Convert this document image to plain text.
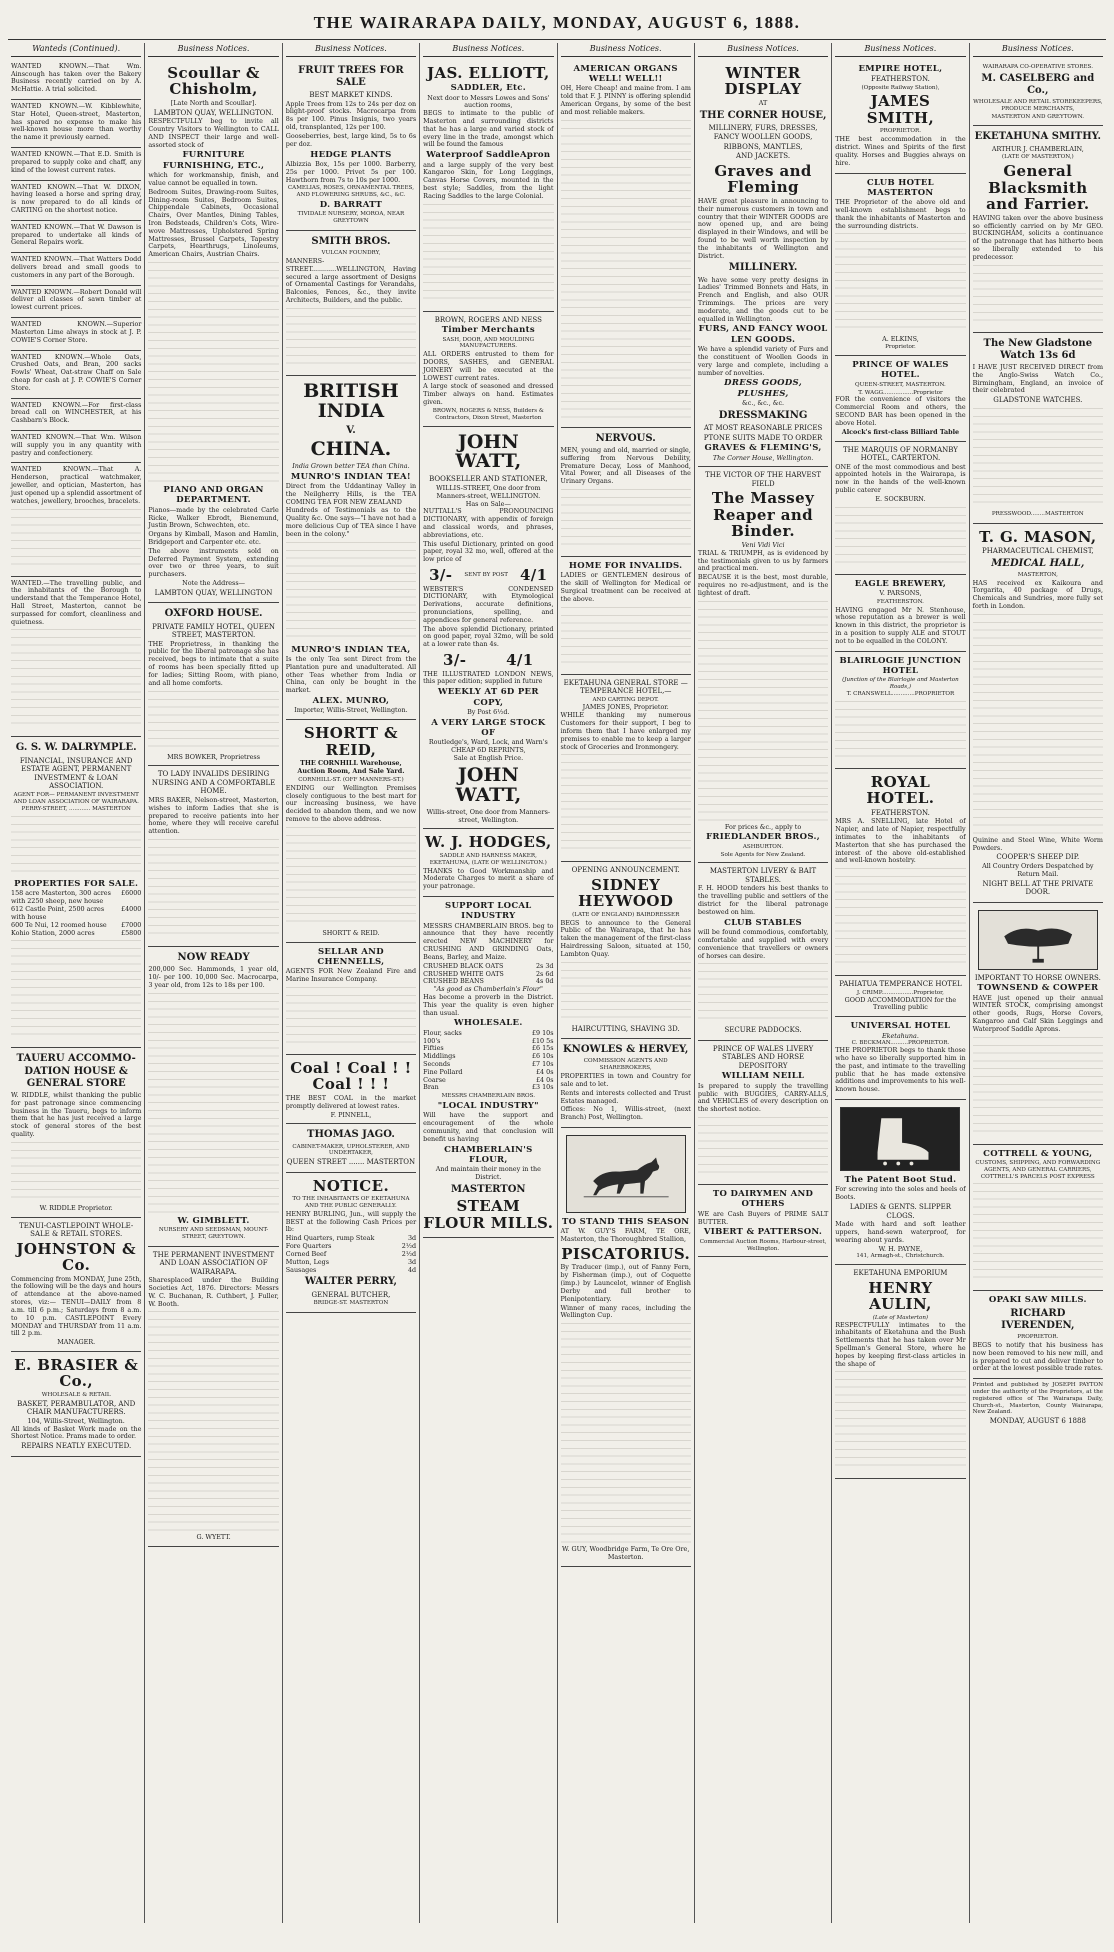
THE WAIRARAPA DAILY, MONDAY, AUGUST 6, 1888.
Wanteds (Continued).

WANTED KNOWN.—That Wm. Ainscough has taken over the Bakery Business recently carried on by A. McHattie. A trial solicited.

WANTED KNOWN.—W. Kibblewhite, Star Hotel, Queen-street, Masterton, has spared no expense to make his well-known house more than worthy the name it previously earned.

WANTED KNOWN.—That E.D. Smith is prepared to supply coke and chaff, any kind of the lowest current rates.

WANTED KNOWN.—That W. DIXON, having leased a horse and spring dray, is now prepared to do all kinds of CARTING on the shortest notice.

WANTED KNOWN.—That W. Dawson is prepared to undertake all kinds of General Repairs work.

WANTED KNOWN.—That Watters Dodd delivers bread and small goods to customers in any part of the Borough.

WANTED KNOWN.—Robert Donald will deliver all classes of sawn timber at lowest current prices.

WANTED KNOWN.—Superior Masterton Lime always in stock at J. P. COWIE'S Corner Store.

WANTED KNOWN.—Whole Oats, Crushed Oats, and Bran, 200 sacks Fowls' Wheat, Oat-straw Chaff on Sale cheap for cash at J. P. COWIE'S Corner Store.

WANTED KNOWN.—For first-class bread call on WINCHESTER, at his Cashbarn's Block.

WANTED KNOWN.—That Wm. Wilson will supply you in any quantity with pastry and confectionery.

WANTED KNOWN.—That A. Henderson, practical watchmaker, jeweller, and optician, Masterton, has just opened up a splendid assortment of watches, jewellery, brooches, bracelets.

WANTED.—The travelling public, and the inhabitants of the Borough to understand that the Temperance Hotel, Hall Street, Masterton, cannot be surpassed for comfort, cleanliness and quietness.

G. S. W. DALRYMPLE.
FINANCIAL, INSURANCE AND ESTATE AGENT, PERMANENT INVESTMENT & LOAN ASSOCIATION.
AGENT FOR— PERMANENT INVESTMENT AND LOAN ASSOCIATION OF WAIRARAPA.
PERRY-STREET, ............ MASTERTON
PROPERTIES FOR SALE.
158 acre Masterton, 300 acres with 2250 sheep, new house
£6000
612 Castle Point, 2500 acres with house
£4000
600 Te Nui, 12 roomed house	£7000
Kohio Station, 2000 acres	£5800
TAUERU ACCOMMO-DATION HOUSE & GENERAL STORE

W. RIDDLE, whilst thanking the public for past patronage since commencing business in the Taueru, begs to inform them that he has just received a large stock of general stores of the best quality.

W. RIDDLE Proprietor.
TENUI-CASTLEPOINT WHOLE-SALE & RETAIL STORES.
JOHNSTON & Co.

Commencing from MONDAY, June 25th, the following will be the days and hours of attendance at the above-named stores, viz:— TENUI—DAILY from 8 a.m. till 6 p.m.; Saturdays from 8 a.m. to 10 p.m. CASTLEPOINT Every MONDAY and THURSDAY from 11 a.m. till 2 p.m.

MANAGER.
E. BRASIER & Co.,
WHOLESALE & RETAIL
BASKET, PERAMBULATOR, AND CHAIR MANUFACTURERS.
104, Willis-Street, Wellington.

All kinds of Basket Work made on the Shortest Notice. Prams made to order.

REPAIRS NEATLY EXECUTED.
Business Notices.
Scoullar & Chisholm,
[Late North and Scoullar].
LAMBTON QUAY, WELLINGTON.

RESPECTFULLY beg to invite all Country Visitors to Wellington to CALL AND INSPECT their large and well-assorted stock of

FURNITURE FURNISHING, ETC.,

which for workmanship, finish, and value cannot be equalled in town.

Bedroom Suites, Drawing-room Suites, Dining-room Suites, Bedroom Suites, Chippendale Cabinets, Occasional Chairs, Over Mantles, Dining Tables, Iron Bedsteads, Children's Cots, Wire-wove Mattresses, Upholstered Spring Mattresses, Brussel Carpets, Tapestry Carpets, Hearthrugs, Linoleums, American Chairs, Austrian Chairs.

PIANO AND ORGAN DEPARTMENT.

Pianos—made by the celebrated Carle Ricke, Walker Ebrodt, Bienemund, Justin Brown, Schwechten, etc.

Organs by Kimball, Mason and Hamlin, Bridgeport and Carpenter etc. etc.

The above instruments sold on Deferred Payment System, extending over two or three years, to suit purchasers.

Note the Address—
LAMBTON QUAY, WELLINGTON
OXFORD HOUSE.
PRIVATE FAMILY HOTEL, QUEEN STREET, MASTERTON.

THE Proprietress, in thanking the public for the liberal patronage she has received, begs to intimate that a suite of rooms has been specially fitted up for ladies; Sitting Room, with piano, and all home comforts.

MRS BOWKER, Proprietress
TO LADY INVALIDS DESIRING NURSING AND A COMFORTABLE HOME.

MRS BAKER, Nelson-street, Masterton, wishes to inform Ladies that she is prepared to receive patients into her home, where they will receive careful attention.

NOW READY

200,000 Sec. Hammonds, 1 year old, 10/- per 100. 10,000 Sec. Macrocarpa, 3 year old, from 12s to 18s per 100.

W. GIMBLETT.
NURSERY AND SEEDSMAN, MOUNT-STREET, GREYTOWN.
THE PERMANENT INVESTMENT AND LOAN ASSOCIATION OF WAIRARAPA.

Sharesplaced under the Building Societies Act, 1876. Directors: Messrs W. C. Buchanan, R. Cuthbert, J. Fuller, W. Booth.

G. WYETT.
Business Notices.
FRUIT TREES FOR SALE
BEST MARKET KINDS.

Apple Trees from 12s to 24s per doz on blight-proof stocks. Macrocarpa from 8s per 100. Pinus Insignis, two years old, transplanted, 12s per 100.

Gooseberries, best, large kind, 5s to 6s per doz.

HEDGE PLANTS

Albizzia Box, 15s per 1000. Barberry, 25s per 1000. Privet 5s per 100. Hawthorn from 7s to 10s per 1000.

CAMELIAS, ROSES, ORNAMENTAL TREES, AND FLOWERING SHRUBS, &C., &C.
D. BARRATT
TIVIDALE NURSERY, MOROA, NEAR GREYTOWN
SMITH BROS.
VULCAN FOUNDRY,

MANNERS-STREET............WELLINGTON, Having secured a large assortment of Designs of Ornamental Castings for Verandahs, Balconies, Fences, &c., they invite Architects, Builders, and the public.

BRITISH INDIA
V.
CHINA.
India Grown better TEA than China.
MUNRO'S INDIAN TEA!

Direct from the Uddantinay Valley in the Neilgherry Hills, is the TEA COMING TEA FOR NEW ZEALAND

Hundreds of Testimonials as to the Quality &c. One says—"I have not had a more delicious Cup of TEA since I have been in the colony."

MUNRO'S INDIAN TEA,

Is the only Tea sent Direct from the Plantation pure and unadulterated. All other Teas whether from India or China, can only be bought in the market.

ALEX. MUNRO,
Importer, Willis-Street, Wellington.
SHORTT & REID,
THE CORNHILL Warehouse, Auction Room, And Sale Yard.
CORNHILL-ST. (OFF MANNERS-ST.)

ENDING our Wellington Premises closely contiguous to the best mart for our increasing business, we have decided to abandon them, and we now remove to the above address.

SHORTT & REID.
SELLAR AND CHENNELLS,

AGENTS FOR New Zealand Fire and Marine Insurance Company.

Coal ! Coal ! ! Coal ! ! !

THE BEST COAL in the market promptly delivered at lowest rates.

F. PINNELL,
THOMAS JAGO.
CABINET-MAKER, UPHOLSTERER, AND UNDERTAKER,
QUEEN STREET ....... MASTERTON
NOTICE.
TO THE INHABITANTS OF EKETAHUNA AND THE PUBLIC GENERALLY.

HENRY BURLING, Jun., will supply the BEST at the following Cash Prices per lb:

Hind Quarters, rump Steak	3d
Fore Quarters	2½d
Corned Beef	2½d
Mutton, Legs	3d
Sausages	4d
WALTER PERRY,
GENERAL BUTCHER,
BRIDGE-ST. MASTERTON
Business Notices.
JAS. ELLIOTT,
SADDLER, Etc.
Next door to Messrs Lowes and Sons' auction rooms,

BEGS to intimate to the public of Masterton and surrounding districts that he has a large and varied stock of every line in the trade, amongst which will be found the famous

Waterproof SaddleApron

and a large supply of the very best Kangaroo Skin, for Long Leggings, Canvas Horse Covers, mounted in the best style; Saddles, from the light Racing Saddles to the large Colonial.

BROWN, ROGERS AND NESS
Timber Merchants
SASH, DOOR, AND MOULDING MANUFACTURERS.

ALL ORDERS entrusted to them for DOORS, SASHES, and GENERAL JOINERY will be executed at the LOWEST current rates.

A large stock of seasoned and dressed Timber always on hand. Estimates given.

BROWN, ROGERS & NESS, Builders & Contractors, Dixon Street, Masterton
JOHN WATT,
BOOKSELLER AND STATIONER,
WILLIS-STREET, One door from Manners-street, WELLINGTON.
Has on Sale—

NUTTALL'S PRONOUNCING DICTIONARY, with appendix of foreign and classical words, and phrases, abbreviations, etc.

This useful Dictionary, printed on good paper, royal 32 mo, well, offered at the low price of

3/- SENT BY POST 4/1

WEBSTER'S CONDENSED DICTIONARY, with Etymological Derivations, accurate definitions, pronunciations, spelling, and appendices for general reference.

The above splendid Dictionary, printed on good paper, royal 32mo, will be sold at a lower rate than 4s.

3/-	4/1

THE ILLUSTRATED LONDON NEWS, this paper edition; supplied in future

WEEKLY AT 6D PER COPY,
By Post 6½d.
A VERY LARGE STOCK OF
Routledge's, Ward, Lock, and Warn's CHEAP 6D REPRINTS,
Sale at English Price.
JOHN WATT,
Willis-street, One door from Manners-street, Wellington.
W. J. HODGES,
SADDLE AND HARNESS MAKER, EKETAHUNA, (LATE OF WELLINGTON.)

THANKS to Good Workmanship and Moderate Charges to merit a share of your patronage.

SUPPORT LOCAL INDUSTRY

MESSRS CHAMBERLAIN BROS. beg to announce that they have recently erected NEW MACHINERY for CRUSHING AND GRINDING Oats, Beans, Barley, and Maize.

CRUSHED BLACK OATS	2s 3d
CRUSHED WHITE OATS	2s 6d
CRUSHED BEANS	4s 0d
"As good as Chamberlain's Flour"

Has become a proverb in the District. This year the quality is even higher than usual.

WHOLESALE.
Flour, sacks	£9 10s
100's	£10 5s
Fifties	£6 15s
Middlings	£6 10s
Seconds	£7 10s
Fine Pollard	£4 0s
Coarse	£4 0s
Bran	£3 10s
MESSRS CHAMBERLAIN BROS.
"LOCAL INDUSTRY"

Will have the support and encouragement of the whole community, and that conclusion will benefit us having

CHAMBERLAIN'S FLOUR,
And maintain their money in the District.
MASTERTON
STEAM FLOUR MILLS.
Business Notices.
AMERICAN ORGANS WELL! WELL!!

OH, Here Cheap! and maine from. I am told that F. J. PINNY is offering splendid American Organs, by some of the best and most reliable makers.

NERVOUS.

MEN, young and old, married or single, suffering from Nervous Debility, Premature Decay, Loss of Manhood, Vital Power, and all Diseases of the Urinary Organs.

HOME FOR INVALIDS.

LADIES or GENTLEMEN desirous of the skill of Wellington for Medical or Surgical treatment can be received at the above.

EKETAHUNA GENERAL STORE —TEMPERANCE HOTEL,—
AND CARTING DEPOT.
JAMES JONES, Proprietor.

WHILE thanking my numerous Customers for their support, I beg to inform them that I have enlarged my premises to enable me to keep a larger stock of Groceries and Ironmongery.

OPENING ANNOUNCEMENT.
SIDNEY HEYWOOD
(LATE OF ENGLAND) BAIRDRESSER

BEGS to announce to the General Public of the Wairarapa, that he has taken the management of the first-class Hairdressing Saloon, situated at 150, Lambton Quay.

HAIRCUTTING, SHAVING 3D.
KNOWLES & HERVEY,
COMMISSION AGENTS AND SHAREBROKERS,

PROPERTIES in town and Country for sale and to let.

Rents and interests collected and Trust Estates managed.

Offices: No 1, Willis-street, (next Branch) Post, Wellington.

TO STAND THIS SEASON

AT W. GUY'S FARM, TE ORE, Masterton, the Thoroughbred Stallion,

PISCATORIUS.

By Traducer (imp.), out of Fanny Fern, by Fisherman (imp.), out of Coquette (imp.) by Launcelot, winner of English Derby and full brother to Plenipotentiary.

Winner of many races, including the Wellington Cup.

W. GUY, Woodbridge Farm, Te Ore Ore, Masterton.
Business Notices.
WINTER DISPLAY
AT
THE CORNER HOUSE,
MILLINERY, FURS, DRESSES,
FANCY WOOLLEN GOODS,
RIBBONS, MANTLES,
AND JACKETS.
Graves and Fleming

HAVE great pleasure in announcing to their numerous customers in town and country that their WINTER GOODS are now opened up, and are being displayed in their Windows, and will be found to be well worth inspection by the inhabitants of Wellington and District.

MILLINERY.

We have some very pretty designs in Ladies' Trimmed Bonnets and Hats, in French and English, and also OUR Trimmings. The prices are very moderate, and the goods cut to be equalled in Wellington.

FURS, AND FANCY WOOL LEN GOODS.

We have a splendid variety of Furs and the constituent of Woollen Goods in very large and complete, including a number of novelties.

DRESS GOODS, PLUSHES,
&c., &c., &c.
DRESSMAKING
AT MOST REASONABLE PRICES
PTONE SUITS MADE TO ORDER
GRAVES & FLEMING'S,
The Corner House, Wellington.
THE VICTOR OF THE HARVEST FIELD
The Massey Reaper and Binder.
Veni Vidi Vici

TRIAL & TRIUMPH, as is evidenced by the testimonials given to us by farmers and practical men.

BECAUSE it is the best, most durable, requires no re-adjustment, and is the lightest of draft.

For prices &c., apply to
FRIEDLANDER BROS.,
ASHBURTON.
Sole Agents for New Zealand.
MASTERTON LIVERY & BAIT STABLES.

F. H. HOOD tenders his best thanks to the travelling public and settlers of the district for the liberal patronage bestowed on him.

CLUB STABLES

will be found commodious, comfortably, comfortable and supplied with every convenience that travellers or owners of horses can desire.

SECURE PADDOCKS.
PRINCE OF WALES LIVERY STABLES AND HORSE DEPOSITORY
WILLIAM NEILL

Is prepared to supply the travelling public with BUGGIES, CARRY-ALLS, and VEHICLES of every description on the shortest notice.

TO DAIRYMEN AND OTHERS

WE are Cash Buyers of PRIME SALT BUTTER.

VIBERT & PATTERSON.
Commercial Auction Rooms, Harbour-street, Wellington.
Business Notices.
EMPIRE HOTEL,
FEATHERSTON.
(Opposite Railway Station),
JAMES SMITH,
PROPRIETOR.

THE best accommodation in the district. Wines and Spirits of the first quality. Horses and Buggies always on hire.

CLUB HOTEL MASTERTON

THE Proprietor of the above old and well-known establishment begs to thank the inhabitants of Masterton and the surrounding districts.

A. ELKINS,
Proprietor.
PRINCE OF WALES HOTEL.
QUEEN-STREET, MASTERTON.
T. WAGG.................Proprietor

FOR the convenience of visitors the Commercial Room and others, the SECOND BAR has been opened in the above Hotel.

Alcock's first-class Billiard Table
THE MARQUIS OF NORMANBY HOTEL, CARTERTON.

ONE of the most commodious and best appointed hotels in the Wairarapa, is now in the hands of the well-known public caterer

E. SOCKBURN.
EAGLE BREWERY,
V. PARSONS,
FEATHERSTON.

HAVING engaged Mr N. Stenhouse, whose reputation as a brewer is well known in this district, the proprietor is in a position to supply ALE and STOUT not to be equalled in the COLONY.

BLAIRLOGIE JUNCTION HOTEL
(Junction of the Blairlogie and Masterton Roads,)
T. CRANSWELL.............PROPRIETOR
ROYAL HOTEL.
FEATHERSTON.

MRS A. SNELLING, late Hotel of Napier, and late of Napier, respectfully intimates to the inhabitants of Masterton that she has purchased the interest of the above old-established and well-known hostelry.

PAHIATUA TEMPERANCE HOTEL
J. CRIMP..................Proprietor,
GOOD ACCOMMODATION for the Travelling public
UNIVERSAL HOTEL
Eketahuna.
C. BECKMAN..........PROPRIETOR.

THE PROPRIETOR begs to thank those who have so liberally supported him in the past, and intimate to the travelling public that he has made extensive additions and improvements to his well-known house.

The Patent Boot Stud.

For screwing into the soles and heels of Boots.

LADIES & GENTS. SLIPPER CLOGS.

Made with hard and soft leather uppers, hand-sewn waterproof, for wearing about yards.

W. H. PAYNE,
141, Armagh-st., Christchurch.
EKETAHUNA EMPORIUM
HENRY AULIN,
(Late of Masterton)

RESPECTFULLY intimates to the inhabitants of Eketahuna and the Bush Settlements that he has taken over Mr Spellman's General Store, where he hopes by keeping first-class articles in the shape of

Business Notices.
WAIRARAPA CO-OPERATIVE STORES.
M. CASELBERG and Co.,
WHOLESALE AND RETAIL STOREKEEPERS, PRODUCE MERCHANTS,
MASTERTON AND GREYTOWN.
EKETAHUNA SMITHY.
ARTHUR J. CHAMBERLAIN,
(LATE OF MASTERTON,)
General Blacksmith and Farrier.

HAVING taken over the above business so efficiently carried on by Mr GEO. BUCKINGHAM, solicits a continuance of the patronage that has hitherto been so liberally extended to his predecessor.

The New Gladstone Watch 13s 6d

I HAVE JUST RECEIVED DIRECT from the Anglo-Swiss Watch Co., Birmingham, England, an invoice of their celebrated

GLADSTONE WATCHES.
PRESSWOOD........MASTERTON
T. G. MASON,
PHARMACEUTICAL CHEMIST,
MEDICAL HALL,
MASTERTON,

HAS received ex Kaikoura and Torgarita, 40 package of Drugs, Chemicals and Sundries, more fully set forth in London.

Quinine and Steel Wine, White Worm Powders.

COOPER'S SHEEP DIP.
All Country Orders Despatched by Return Mail.
NIGHT BELL AT THE PRIVATE DOOR.
IMPORTANT TO HORSE OWNERS.
TOWNSEND & COWPER

HAVE just opened up their annual WINTER STOCK, comprising amongst other goods, Rugs, Horse Covers, Kangaroo and Calf Skin Leggings and Waterproof Saddle Aprons.

COTTRELL & YOUNG,
CUSTOMS, SHIPPING, AND FORWARDING AGENTS, AND GENERAL CARRIERS, COTTRELL'S PARCELS POST EXPRESS
OPAKI SAW MILLS.
RICHARD IVERENDEN,
PROPRIETOR.

BEGS to notify that his business has now been removed to his new mill, and is prepared to cut and deliver timber to order at the lowest possible trade rates.

Printed and published by JOSEPH PAYTON under the authority of the Proprietors, at the registered office of The Wairarapa Daily, Church-st., Masterton, County Wairarapa, New Zealand.

MONDAY, AUGUST 6 1888
